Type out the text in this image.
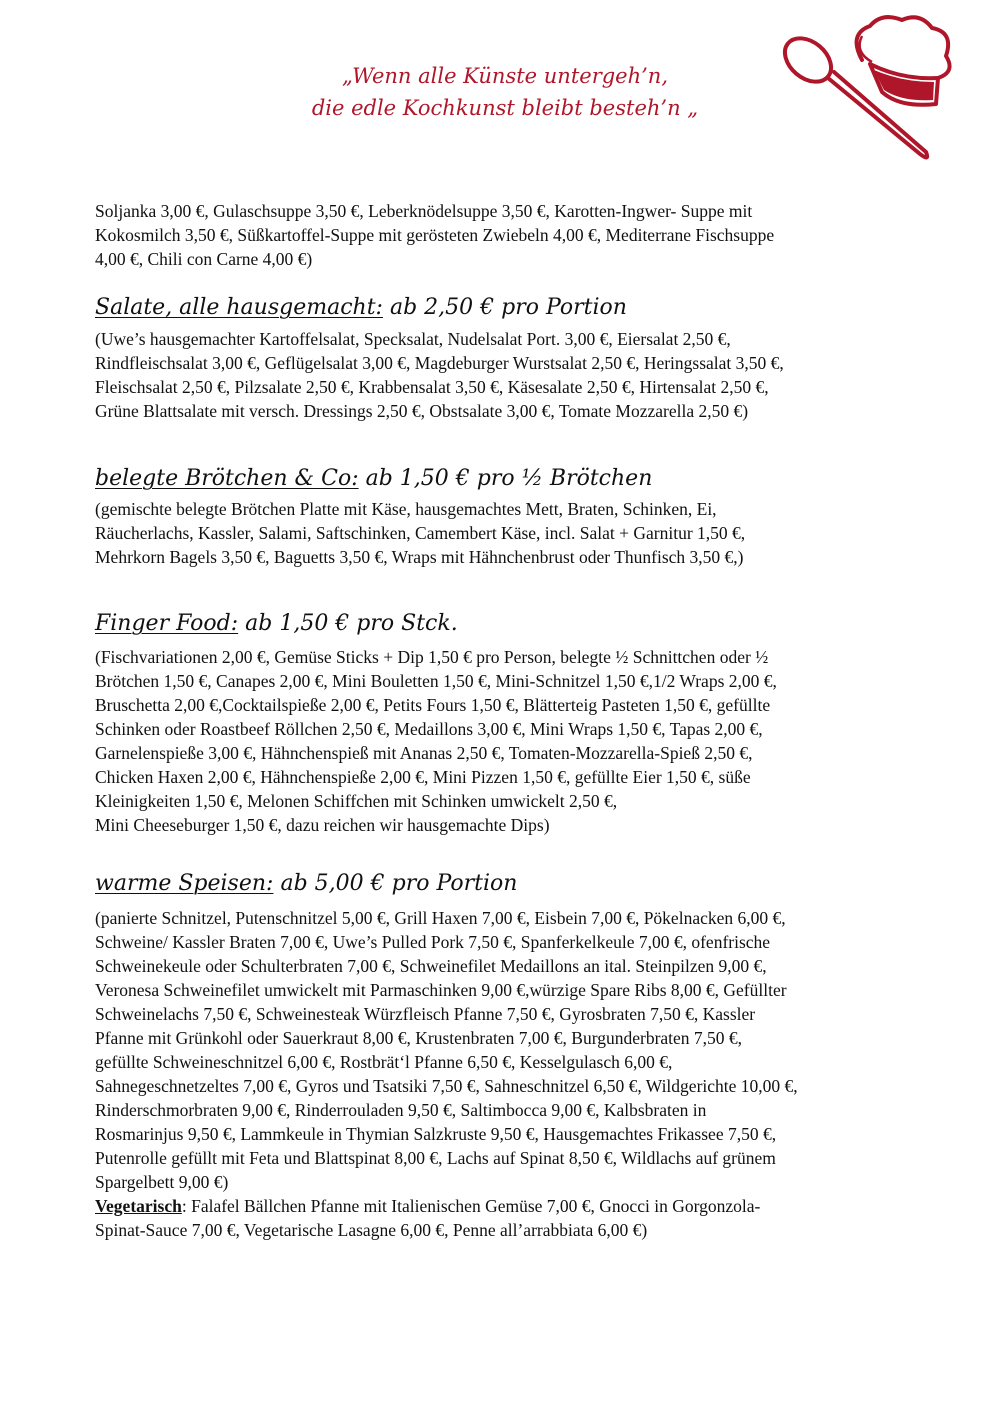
„Wenn alle Künste untergeh’n,
die edle Kochkunst bleibt besteh’n „
Soljanka 3,00 €, Gulaschsuppe 3,50 €, Leberknödelsuppe 3,50 €, Karotten-Ingwer- Suppe mit
Kokosmilch 3,50 €, Süßkartoffel-Suppe mit gerösteten Zwiebeln 4,00 €, Mediterrane Fischsuppe
4,00 €, Chili con Carne 4,00 €)
Salate, alle hausgemacht: ab 2,50 € pro Portion
(Uwe’s hausgemachter Kartoffelsalat, Specksalat, Nudelsalat Port. 3,00 €, Eiersalat 2,50 €,
Rindfleischsalat 3,00 €, Geflügelsalat 3,00 €, Magdeburger Wurstsalat 2,50 €, Heringssalat 3,50 €,
Fleischsalat 2,50 €, Pilzsalate 2,50 €, Krabbensalat 3,50 €, Käsesalate 2,50 €, Hirtensalat 2,50 €,
Grüne Blattsalate mit versch. Dressings 2,50 €, Obstsalate 3,00 €, Tomate Mozzarella 2,50 €)
belegte Brötchen & Co: ab 1,50 € pro ½ Brötchen
(gemischte belegte Brötchen Platte mit Käse, hausgemachtes Mett, Braten, Schinken, Ei,
Räucherlachs, Kassler, Salami, Saftschinken, Camembert Käse, incl. Salat + Garnitur 1,50 €,
Mehrkorn Bagels 3,50 €, Baguetts 3,50 €, Wraps mit Hähnchenbrust oder Thunfisch 3,50 €,)
Finger Food: ab 1,50 € pro Stck.
(Fischvariationen 2,00 €, Gemüse Sticks + Dip 1,50 € pro Person, belegte ½ Schnittchen oder ½
Brötchen 1,50 €, Canapes 2,00 €, Mini Bouletten 1,50 €, Mini-Schnitzel 1,50 €,1/2 Wraps 2,00 €,
Bruschetta 2,00 €,Cocktailspieße 2,00 €, Petits Fours 1,50 €, Blätterteig Pasteten 1,50 €, gefüllte
Schinken oder Roastbeef Röllchen 2,50 €, Medaillons 3,00 €, Mini Wraps 1,50 €, Tapas 2,00 €,
Garnelenspieße 3,00 €, Hähnchenspieß mit Ananas 2,50 €, Tomaten-Mozzarella-Spieß 2,50 €,
Chicken Haxen 2,00 €, Hähnchenspieße 2,00 €, Mini Pizzen 1,50 €, gefüllte Eier 1,50 €, süße
Kleinigkeiten 1,50 €, Melonen Schiffchen mit Schinken umwickelt 2,50 €,
Mini Cheeseburger 1,50 €, dazu reichen wir hausgemachte Dips)
warme Speisen: ab 5,00 € pro Portion
(panierte Schnitzel, Putenschnitzel 5,00 €, Grill Haxen 7,00 €, Eisbein 7,00 €, Pökelnacken 6,00 €,
Schweine/ Kassler Braten 7,00 €, Uwe’s Pulled Pork 7,50 €, Spanferkelkeule 7,00 €, ofenfrische
Schweinekeule oder Schulterbraten 7,00 €, Schweinefilet Medaillons an ital. Steinpilzen 9,00 €,
Veronesa Schweinefilet umwickelt mit Parmaschinken 9,00 €,würzige Spare Ribs 8,00 €, Gefüllter
Schweinelachs 7,50 €, Schweinesteak Würzfleisch Pfanne 7,50 €, Gyrosbraten 7,50 €, Kassler
Pfanne mit Grünkohl oder Sauerkraut 8,00 €, Krustenbraten 7,00 €, Burgunderbraten 7,50 €,
gefüllte Schweineschnitzel 6,00 €, Rostbrät‘l Pfanne 6,50 €, Kesselgulasch 6,00 €,
Sahnegeschnetzeltes 7,00 €, Gyros und Tsatsiki 7,50 €, Sahneschnitzel 6,50 €, Wildgerichte 10,00 €,
Rinderschmorbraten 9,00 €, Rinderrouladen 9,50 €, Saltimbocca 9,00 €, Kalbsbraten in
Rosmarinjus 9,50 €, Lammkeule in Thymian Salzkruste 9,50 €, Hausgemachtes Frikassee 7,50 €,
Putenrolle gefüllt mit Feta und Blattspinat 8,00 €, Lachs auf Spinat 8,50 €, Wildlachs auf grünem
Spargelbett 9,00 €)
Vegetarisch: Falafel Bällchen Pfanne mit Italienischen Gemüse 7,00 €, Gnocci in Gorgonzola-
Spinat-Sauce 7,00 €, Vegetarische Lasagne 6,00 €, Penne all’arrabbiata 6,00 €)
